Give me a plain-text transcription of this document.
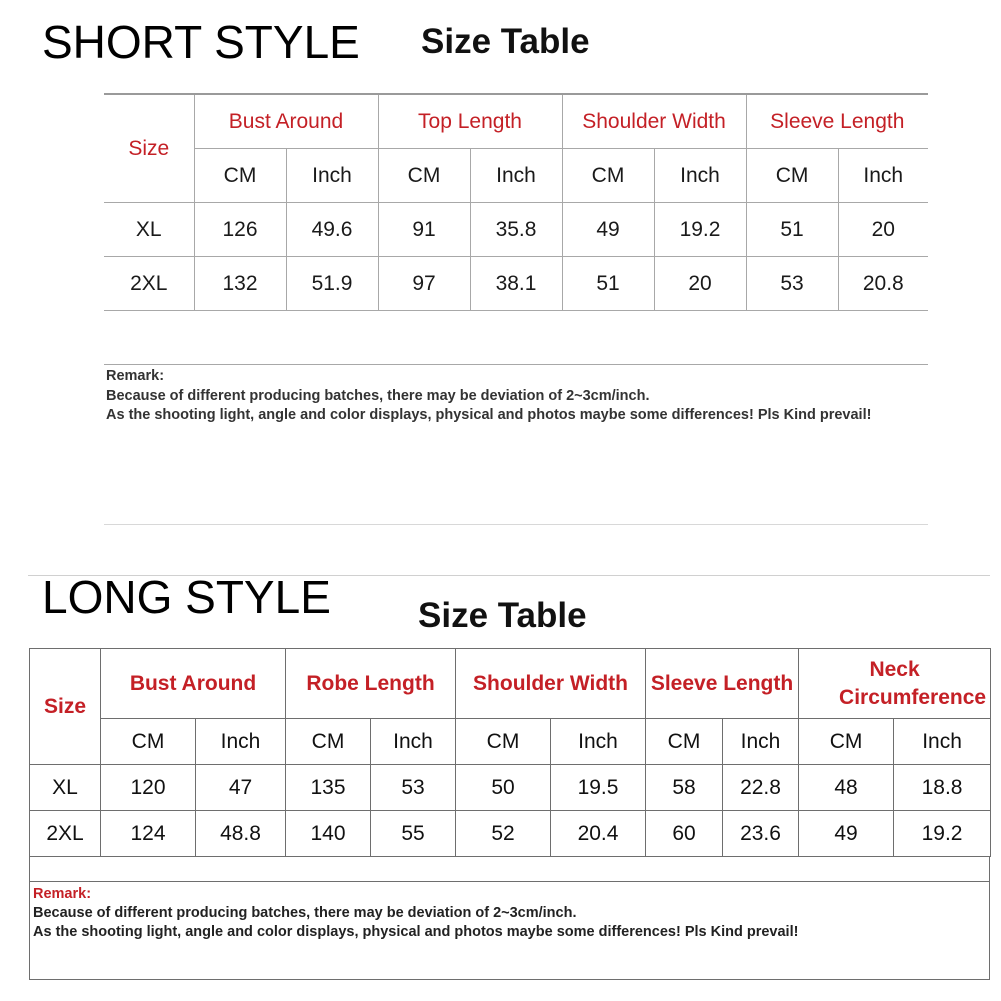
SHORT STYLE Size Table
Size	Bust Around		Top Length		Shoulder Width		Sleeve Length	
	CM	Inch	CM	Inch	CM	Inch	CM	Inch
XL	126	49.6	91	35.8	49	19.2	51	20
2XL	132	51.9	97	38.1	51	20	53	20.8
Remark:
Because of different producing batches, there may be deviation of 2~3cm/inch.
As the shooting light, angle and color displays, physical and photos maybe some differences! Pls Kind prevail!
LONG STYLE Size Table
Size	Bust Around		Robe Length		Shoulder Width		Sleeve Length		Neck Circumference	
	CM	Inch	CM	Inch	CM	Inch	CM	Inch	CM	Inch
XL	120	47	135	53	50	19.5	58	22.8	48	18.8
2XL	124	48.8	140	55	52	20.4	60	23.6	49	19.2
Remark:
Because of different producing batches, there may be deviation of 2~3cm/inch.
As the shooting light, angle and color displays, physical and photos maybe some differences! Pls Kind prevail!
